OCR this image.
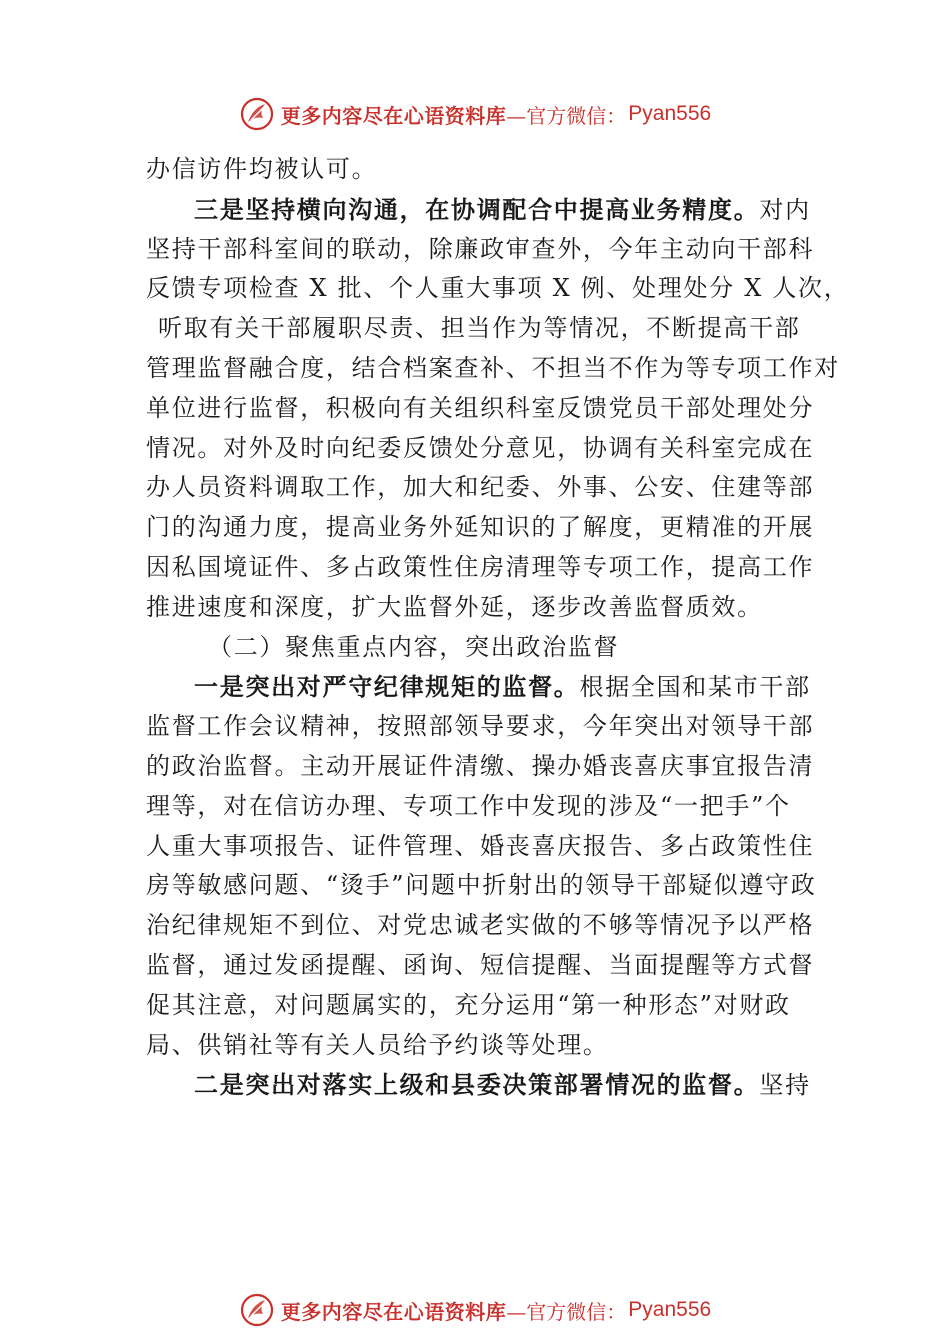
更多内容尽在心语资料库 —官方微信： Pyan556
办信访件均被认可。
三是坚持横向沟通，在协调配合中提高业务精度。对内
坚持干部科室间的联动，除廉政审查外，今年主动向干部科
反馈专项检查 X 批、个人重大事项 X 例、处理处分 X 人次，
听取有关干部履职尽责、担当作为等情况，不断提高干部
管理监督融合度，结合档案查补、不担当不作为等专项工作对
单位进行监督，积极向有关组织科室反馈党员干部处理处分
情况。对外及时向纪委反馈处分意见，协调有关科室完成在
办人员资料调取工作，加大和纪委、外事、公安、住建等部
门的沟通力度，提高业务外延知识的了解度，更精准的开展
因私国境证件、多占政策性住房清理等专项工作，提高工作
推进速度和深度，扩大监督外延，逐步改善监督质效。
（二）聚焦重点内容，突出政治监督
一是突出对严守纪律规矩的监督。根据全国和某市干部
监督工作会议精神，按照部领导要求，今年突出对领导干部
的政治监督。主动开展证件清缴、操办婚丧喜庆事宜报告清
理等，对在信访办理、专项工作中发现的涉及“一把手”个
人重大事项报告、证件管理、婚丧喜庆报告、多占政策性住
房等敏感问题、“烫手”问题中折射出的领导干部疑似遵守政
治纪律规矩不到位、对党忠诚老实做的不够等情况予以严格
监督，通过发函提醒、函询、短信提醒、当面提醒等方式督
促其注意，对问题属实的，充分运用“第一种形态”对财政
局、供销社等有关人员给予约谈等处理。
二是突出对落实上级和县委决策部署情况的监督。坚持
更多内容尽在心语资料库 —官方微信： Pyan556
